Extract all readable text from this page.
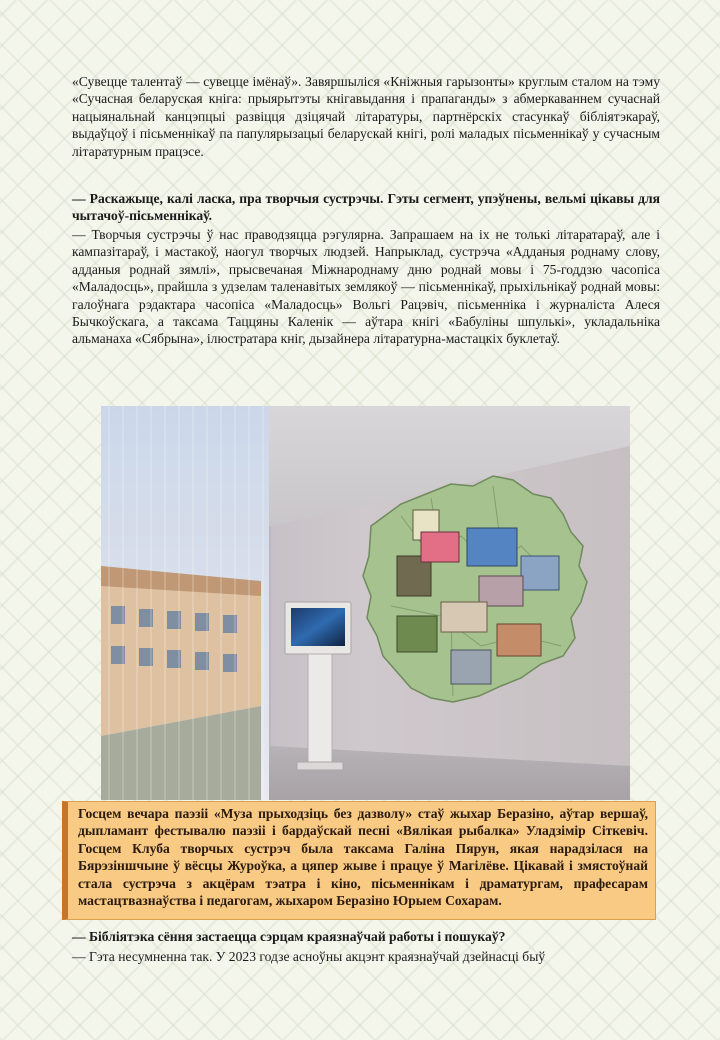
«Сувецце талентаў — сувецце імёнаў». Завяршыліся «Кніжныя гарызонты» круглым сталом на тэму «Сучасная беларуская кніга: прыярытэты кнігавыдання і прапаганды» з абмеркаваннем сучаснай нацыянальнай канцэпцыі развіцця дзіцячай літаратуры, партнёрскіх стасункаў бібліятэкараў, выдаўцоў і пісьменнікаў па папулярызацыі беларускай кнігі, ролі маладых пісьменнікаў у сучасным літаратурным працэсе.

— Раскажыце, калі ласка, пра творчыя сустрэчы. Гэты сегмент, упэўнены, вельмі цікавы для чытачоў-пісьменнікаў.

— Творчыя сустрэчы ў нас праводзяцца рэгулярна. Запрашаем на іх не толькі літаратараў, але і кампазітараў, і мастакоў, наогул творчых людзей. Напрыклад, сустрэча «Адданыя роднаму слову, адданыя роднай зямлі», прысвечаная Міжнароднаму дню роднай мовы і 75-годдзю часопіса «Маладосць», прайшла з удзелам таленавітых землякоў — пісьменнікаў, прыхільнікаў роднай мовы: галоўнага рэдактара часопіса «Маладосць» Вольгі Рацэвіч, пісьменніка і журналіста Алеся Бычкоўскага, а таксама Таццяны Каленік — аўтара кнігі «Бабуліны шпулькі», укладальніка альманаха «Сябрына», ілюстратара кніг, дызайнера літаратурна-мастацкіх буклетаў.

Госцем вечара паэзіі «Муза прыходзіць без дазволу» стаў жыхар Беразіно, аўтар вершаў, дыпламант фестывалю паэзіі і бардаўскай песні «Вялікая рыбалка» Уладзімір Сіткевіч. Госцем Клуба творчых сустрэч была таксама Галіна Пярун, якая нарадзілася на Бярэзіншчыне ў вёсцы Журоўка, а цяпер жыве і працуе ў Магілёве. Цікавай і змястоўнай стала сустрэча з акцёрам тэатра і кіно, пісьменнікам і драматургам, прафесарам мастацтвазнаўства і педагогам, жыхаром Беразіно Юрыем Сохарам.

— Бібліятэка сёння застаецца сэрцам краязнаўчай работы і пошукаў?

— Гэта несумненна так. У 2023 годзе асноўны акцэнт краязнаўчай дзейнасці быў
